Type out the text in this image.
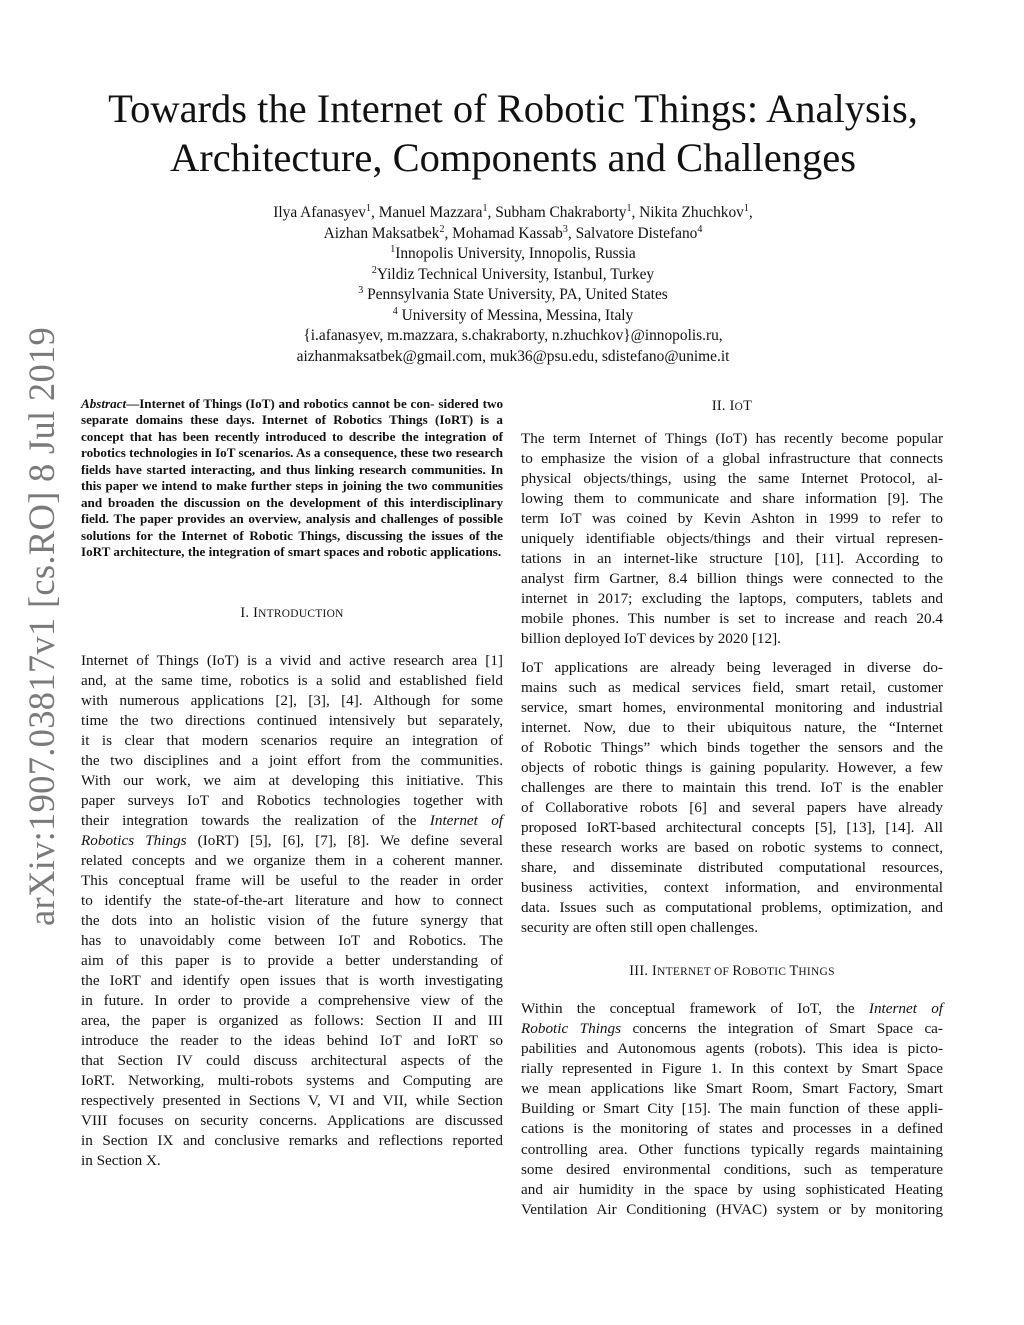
arXiv:1907.03817v1 [cs.RO] 8 Jul 2019
Towards the Internet of Robotic Things: Analysis,
Architecture, Components and Challenges
Ilya Afanasyev$^1$, Manuel Mazzara$^1$, Subham Chakraborty$^1$, Nikita Zhuchkov$^1$,
Aizhan Maksatbek$^2$, Mohamad Kassab$^3$, Salvatore Distefano$^4$
$^1$Innopolis University, Innopolis, Russia
$^2$Yildiz Technical University, Istanbul, Turkey
$^3$ Pennsylvania State University, PA, United States
$^4$ University of Messina, Messina, Italy
{i.afanasyev, m.mazzara, s.chakraborty, n.zhuchkov}@innopolis.ru,
aizhanmaksatbek@gmail.com, muk36@psu.edu, sdistefano@unime.it

Abstract—Internet of Things (IoT) and robotics cannot be con- sidered two separate domains these days. Internet of Robotics Things (IoRT) is a concept that has been recently introduced to describe the integration of robotics technologies in IoT scenarios. As a consequence, these two research fields have started interacting, and thus linking research communities. In this paper we intend to make further steps in joining the two communities and broaden the discussion on the development of this interdisciplinary field. The paper provides an overview, analysis and challenges of possible solutions for the Internet of Robotic Things, discussing the issues of the IoRT architecture, the integration of smart spaces and robotic applications.

I. INTRODUCTION

Internet of Things (IoT) is a vivid and active research area [1]
and, at the same time, robotics is a solid and established field
with numerous applications [2], [3], [4]. Although for some
time the two directions continued intensively but separately,
it is clear that modern scenarios require an integration of
the two disciplines and a joint effort from the communities.
With our work, we aim at developing this initiative. This
paper surveys IoT and Robotics technologies together with
their integration towards the realization of the Internet of
Robotics Things (IoRT) [5], [6], [7], [8]. We define several
related concepts and we organize them in a coherent manner.
This conceptual frame will be useful to the reader in order
to identify the state-of-the-art literature and how to connect
the dots into an holistic vision of the future synergy that
has to unavoidably come between IoT and Robotics. The
aim of this paper is to provide a better understanding of
the IoRT and identify open issues that is worth investigating
in future. In order to provide a comprehensive view of the
area, the paper is organized as follows: Section II and III
introduce the reader to the ideas behind IoT and IoRT so
that Section IV could discuss architectural aspects of the
IoRT. Networking, multi-robots systems and Computing are
respectively presented in Sections V, VI and VII, while Section
VIII focuses on security concerns. Applications are discussed
in Section IX and conclusive remarks and reflections reported
in Section X.

II. IOT

The term Internet of Things (IoT) has recently become popular
to emphasize the vision of a global infrastructure that connects
physical objects/things, using the same Internet Protocol, al-
lowing them to communicate and share information [9]. The
term IoT was coined by Kevin Ashton in 1999 to refer to
uniquely identifiable objects/things and their virtual represen-
tations in an internet-like structure [10], [11]. According to
analyst firm Gartner, 8.4 billion things were connected to the
internet in 2017; excluding the laptops, computers, tablets and
mobile phones. This number is set to increase and reach 20.4
billion deployed IoT devices by 2020 [12].

IoT applications are already being leveraged in diverse do-
mains such as medical services field, smart retail, customer
service, smart homes, environmental monitoring and industrial
internet. Now, due to their ubiquitous nature, the “Internet
of Robotic Things” which binds together the sensors and the
objects of robotic things is gaining popularity. However, a few
challenges are there to maintain this trend. IoT is the enabler
of Collaborative robots [6] and several papers have already
proposed IoRT-based architectural concepts [5], [13], [14]. All
these research works are based on robotic systems to connect,
share, and disseminate distributed computational resources,
business activities, context information, and environmental
data. Issues such as computational problems, optimization, and
security are often still open challenges.

III. INTERNET OF ROBOTIC THINGS

Within the conceptual framework of IoT, the Internet of
Robotic Things concerns the integration of Smart Space ca-
pabilities and Autonomous agents (robots). This idea is picto-
rially represented in Figure 1. In this context by Smart Space
we mean applications like Smart Room, Smart Factory, Smart
Building or Smart City [15]. The main function of these appli-
cations is the monitoring of states and processes in a defined
controlling area. Other functions typically regards maintaining
some desired environmental conditions, such as temperature
and air humidity in the space by using sophisticated Heating
Ventilation Air Conditioning (HVAC) system or by monitoring
